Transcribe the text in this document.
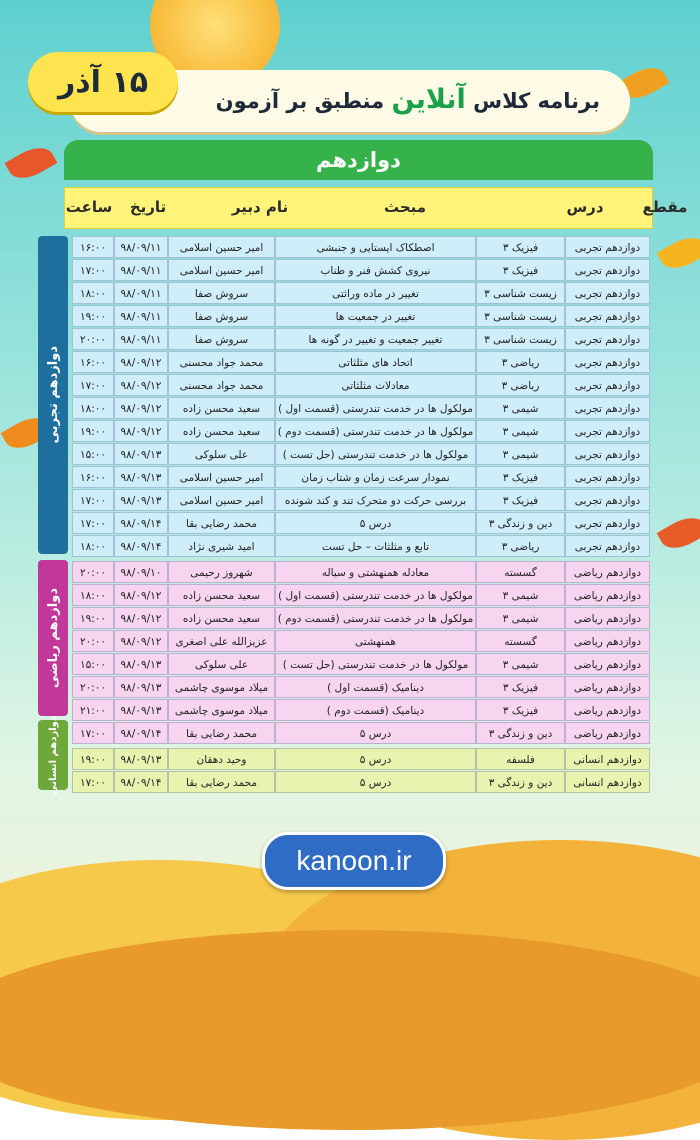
برنامه کلاس آنلاین منطبق بر آزمون
۱۵ آذر
دوازدهم
مقطع
درس
مبحث
نام دبیر
تاریخ
ساعت
دوازدهم تجربی
دوازدهم ریاضی
دوازدهم انسانی
۱۶:۰۰	۹۸/۰۹/۱۱	امیر حسین اسلامی	اصطکاک ایستایی و جنبشی	فیزیک ۳	دوازدهم تجربی
۱۷:۰۰	۹۸/۰۹/۱۱	امیر حسین اسلامی	نیروی کشش فنر و طناب	فیزیک ۳	دوازدهم تجربی
۱۸:۰۰	۹۸/۰۹/۱۱	سروش صفا	تغییر در ماده وراثتی	زیست شناسی ۳	دوازدهم تجربی
۱۹:۰۰	۹۸/۰۹/۱۱	سروش صفا	تغییر در جمعیت ها	زیست شناسی ۳	دوازدهم تجربی
۲۰:۰۰	۹۸/۰۹/۱۱	سروش صفا	تغییر جمعیت و تغییر در گونه ها	زیست شناسی ۳	دوازدهم تجربی
۱۶:۰۰	۹۸/۰۹/۱۲	محمد جواد محسنی	اتحاد های مثلثاتی	ریاضی ۳	دوازدهم تجربی
۱۷:۰۰	۹۸/۰۹/۱۲	محمد جواد محسنی	معادلات مثلثاتی	ریاضی ۳	دوازدهم تجربی
۱۸:۰۰	۹۸/۰۹/۱۲	سعید محسن زاده	مولکول ها در خدمت تندرستی (قسمت اول )	شیمی ۳	دوازدهم تجربی
۱۹:۰۰	۹۸/۰۹/۱۲	سعید محسن زاده	مولکول ها در خدمت تندرستی (قسمت دوم )	شیمی ۳	دوازدهم تجربی
۱۵:۰۰	۹۸/۰۹/۱۳	علی سلوکی	مولکول ها در خدمت تندرستی (حل تست )	شیمی ۳	دوازدهم تجربی
۱۶:۰۰	۹۸/۰۹/۱۳	امیر حسین اسلامی	نمودار سرعت زمان و شتاب زمان	فیزیک ۳	دوازدهم تجربی
۱۷:۰۰	۹۸/۰۹/۱۳	امیر حسین اسلامی	بررسی حرکت دو متحرک تند و کند شونده	فیزیک ۳	دوازدهم تجربی
۱۷:۰۰	۹۸/۰۹/۱۴	محمد رضایی بقا	درس ۵	دین و زندگی ۳	دوازدهم تجربی
۱۸:۰۰	۹۸/۰۹/۱۴	امید شیری نژاد	تابع و مثلثات – حل تست	ریاضی ۳	دوازدهم تجربی
۲۰:۰۰	۹۸/۰۹/۱۰	شهروز رحیمی	معادله همنهشتی و سیاله	گسسته	دوازدهم ریاضی
۱۸:۰۰	۹۸/۰۹/۱۲	سعید محسن زاده	مولکول ها در خدمت تندرستی (قسمت اول )	شیمی ۳	دوازدهم ریاضی
۱۹:۰۰	۹۸/۰۹/۱۲	سعید محسن زاده	مولکول ها در خدمت تندرستی (قسمت دوم )	شیمی ۳	دوازدهم ریاضی
۲۰:۰۰	۹۸/۰۹/۱۲	عزیزالله علی اصغری	همنهشتی	گسسته	دوازدهم ریاضی
۱۵:۰۰	۹۸/۰۹/۱۳	علی سلوکی	مولکول ها در خدمت تندرستی (حل تست )	شیمی ۳	دوازدهم ریاضی
۲۰:۰۰	۹۸/۰۹/۱۳	میلاد موسوی چاشمی	دینامیک (قسمت اول )	فیزیک ۳	دوازدهم ریاضی
۲۱:۰۰	۹۸/۰۹/۱۳	میلاد موسوی چاشمی	دینامیک (قسمت دوم )	فیزیک ۳	دوازدهم ریاضی
۱۷:۰۰	۹۸/۰۹/۱۴	محمد رضایی بقا	درس ۵	دین و زندگی ۳	دوازدهم ریاضی
۱۹:۰۰	۹۸/۰۹/۱۳	وحید دهقان	درس ۵	فلسفه	دوازدهم انسانی
۱۷:۰۰	۹۸/۰۹/۱۴	محمد رضایی بقا	درس ۵	دین و زندگی ۳	دوازدهم انسانی
kanoon.ir
